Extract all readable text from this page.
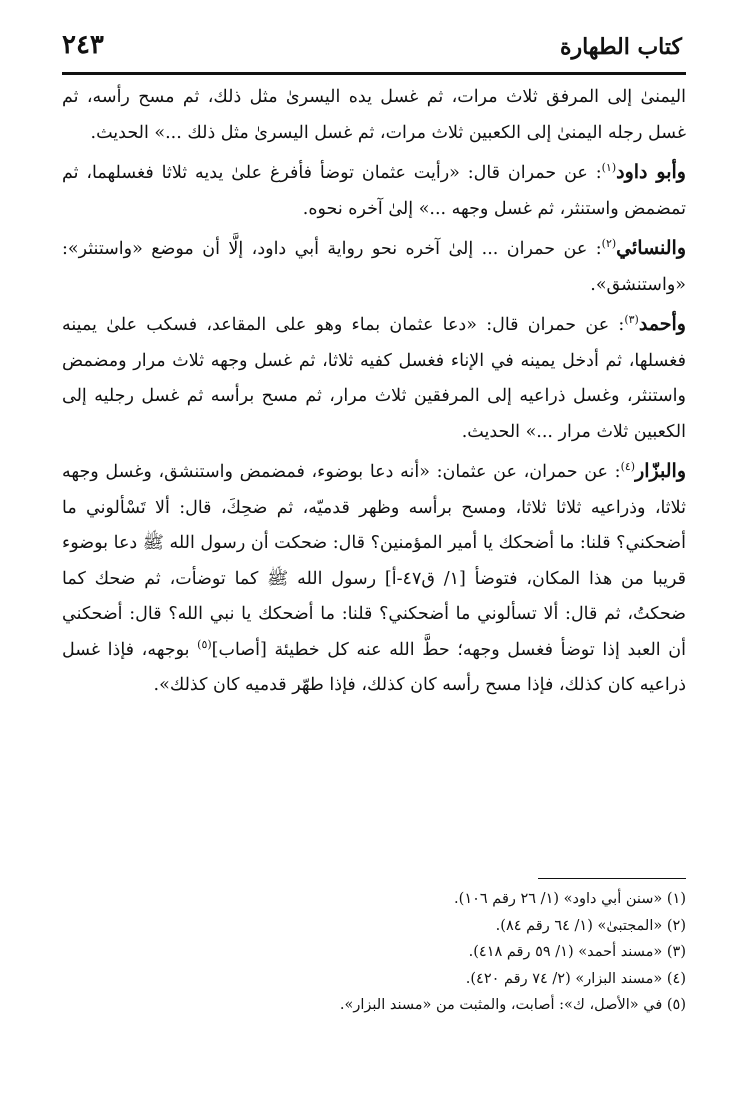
كتاب الطهارة
٢٤٣

اليمنىٰ إلى المرفق ثلاث مرات، ثم غسل يده اليسرىٰ مثل ذلك، ثم مسح رأسه، ثم غسل رجله اليمنىٰ إلى الكعبين ثلاث مرات، ثم غسل اليسرىٰ مثل ذلك ...» الحديث.

وأبو داود$^{(١)}$: عن حمران قال: «رأيت عثمان توضأ فأفرغ علىٰ يديه ثلاثا فغسلهما، ثم تمضمض واستنثر، ثم غسل وجهه ...» إلىٰ آخره نحوه.

والنسائي$^{(٢)}$: عن حمران ... إلىٰ آخره نحو رواية أبي داود، إلَّا أن موضع «واستنثر»: «واستنشق».

وأحمد$^{(٣)}$: عن حمران قال: «دعا عثمان بماء وهو على المقاعد، فسكب علىٰ يمينه فغسلها، ثم أدخل يمينه في الإناء فغسل كفيه ثلاثا، ثم غسل وجهه ثلاث مرار ومضمض واستنثر، وغسل ذراعيه إلى المرفقين ثلاث مرار، ثم مسح برأسه ثم غسل رجليه إلى الكعبين ثلاث مرار ...» الحديث.

والبزّار$^{(٤)}$: عن حمران، عن عثمان: «أنه دعا بوضوء، فمضمض واستنشق، وغسل وجهه ثلاثا، وذراعيه ثلاثا ثلاثا، ومسح برأسه وظهر قدميّه، ثم ضحِكَ، قال: ألا تَسْألوني ما أضحكني؟ قلنا: ما أضحكك يا أمير المؤمنين؟ قال: ضحكت أن رسول الله ﷺ دعا بوضوء قريبا من هذا المكان، فتوضأ [١/ ق٤٧-أ] رسول الله ﷺ كما توضأت، ثم ضحك كما ضحكتُ، ثم قال: ألا تسألوني ما أضحكني؟ قلنا: ما أضحكك يا نبي الله؟ قال: أضحكني أن العبد إذا توضأ فغسل وجهه؛ حطَّ الله عنه كل خطيئة [أصاب]$^{(٥)}$ بوجهه، فإذا غسل ذراعيه كان كذلك، فإذا مسح رأسه كان كذلك، فإذا طهّر قدميه كان كذلك».

(١) «سنن أبي داود» (١/ ٢٦ رقم ١٠٦).

(٢) «المجتبىٰ» (١/ ٦٤ رقم ٨٤).

(٣) «مسند أحمد» (١/ ٥٩ رقم ٤١٨).

(٤) «مسند البزار» (٢/ ٧٤ رقم ٤٢٠).

(٥) في «الأصل، ك»: أصابت، والمثبت من «مسند البزار».
